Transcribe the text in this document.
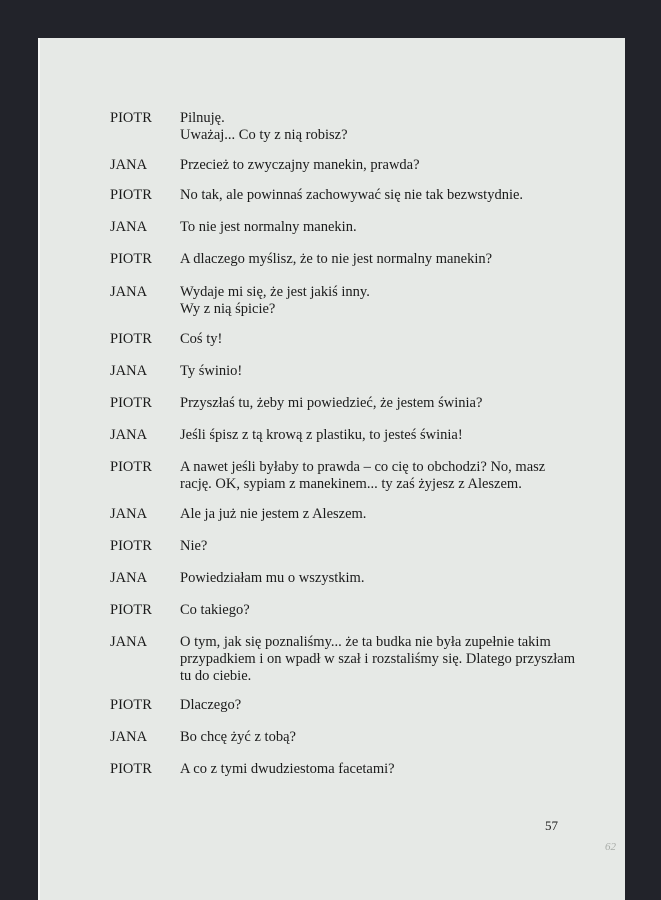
PIOTR Pilnuję.
Uważaj... Co ty z nią robisz?
JANA Przecież to zwyczajny manekin, prawda?
PIOTR No tak, ale powinnaś zachowywać się nie tak bezwstydnie.
JANA To nie jest normalny manekin.
PIOTR A dlaczego myślisz, że to nie jest normalny manekin?
JANA Wydaje mi się, że jest jakiś inny.
Wy z nią śpicie?
PIOTR Coś ty!
JANA Ty świnio!
PIOTR Przyszłaś tu, żeby mi powiedzieć, że jestem świnia?
JANA Jeśli śpisz z tą krową z plastiku, to jesteś świnia!
PIOTR A nawet jeśli byłaby to prawda – co cię to obchodzi? No, masz
rację. OK, sypiam z manekinem... ty zaś żyjesz z Aleszem.
JANA Ale ja już nie jestem z Aleszem.
PIOTR Nie?
JANA Powiedziałam mu o wszystkim.
PIOTR Co takiego?
JANA O tym, jak się poznaliśmy... że ta budka nie była zupełnie takim
przypadkiem i on wpadł w szał i rozstaliśmy się. Dlatego przyszłam
tu do ciebie.
PIOTR Dlaczego?
JANA Bo chcę żyć z tobą?
PIOTR A co z tymi dwudziestoma facetami?
57
62
